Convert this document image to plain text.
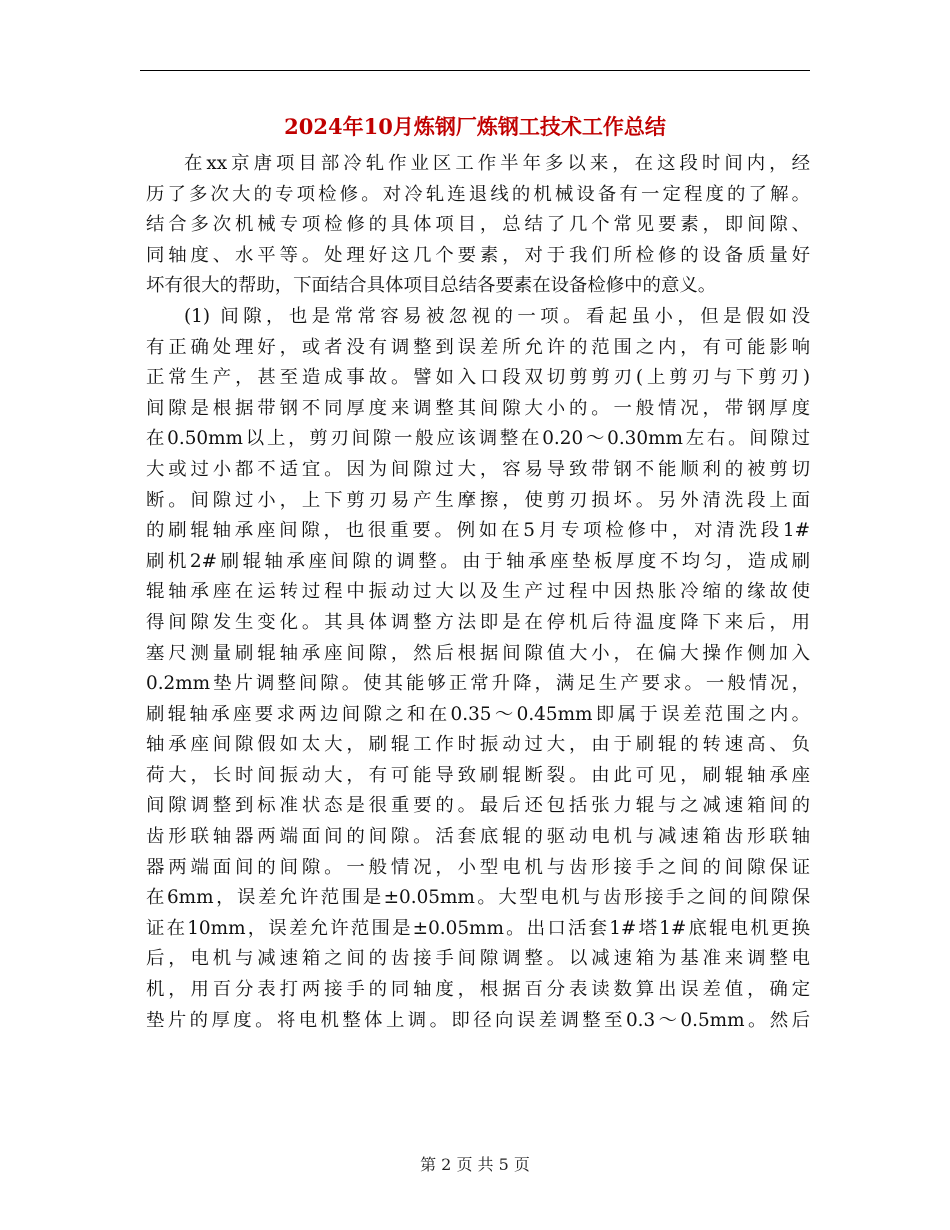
2024年10月炼钢厂炼钢工技术工作总结
在xx京唐项目部冷轧作业区工作半年多以来，在这段时间内，经
历了多次大的专项检修。对冷轧连退线的机械设备有一定程度的了解。
结合多次机械专项检修的具体项目，总结了几个常见要素，即间隙、
同轴度、水平等。处理好这几个要素，对于我们所检修的设备质量好
坏有很大的帮助，下面结合具体项目总结各要素在设备检修中的意义。
(1) 间隙，也是常常容易被忽视的一项。看起虽小，但是假如没
有正确处理好，或者没有调整到误差所允许的范围之内，有可能影响
正常生产，甚至造成事故。譬如入口段双切剪剪刃(上剪刃与下剪刃)
间隙是根据带钢不同厚度来调整其间隙大小的。一般情况，带钢厚度
在0.50mm以上，剪刃间隙一般应该调整在0.20～0.30mm左右。间隙过
大或过小都不适宜。因为间隙过大，容易导致带钢不能顺利的被剪切
断。间隙过小，上下剪刃易产生摩擦，使剪刃损坏。另外清洗段上面
的刷辊轴承座间隙，也很重要。例如在5月专项检修中，对清洗段1#
刷机2#刷辊轴承座间隙的调整。由于轴承座垫板厚度不均匀，造成刷
辊轴承座在运转过程中振动过大以及生产过程中因热胀冷缩的缘故使
得间隙发生变化。其具体调整方法即是在停机后待温度降下来后，用
塞尺测量刷辊轴承座间隙，然后根据间隙值大小，在偏大操作侧加入
0.2mm垫片调整间隙。使其能够正常升降，满足生产要求。一般情况，
刷辊轴承座要求两边间隙之和在0.35～0.45mm即属于误差范围之内。
轴承座间隙假如太大，刷辊工作时振动过大，由于刷辊的转速高、负
荷大，长时间振动大，有可能导致刷辊断裂。由此可见，刷辊轴承座
间隙调整到标准状态是很重要的。最后还包括张力辊与之减速箱间的
齿形联轴器两端面间的间隙。活套底辊的驱动电机与减速箱齿形联轴
器两端面间的间隙。一般情况，小型电机与齿形接手之间的间隙保证
在6mm，误差允许范围是±0.05mm。大型电机与齿形接手之间的间隙保
证在10mm，误差允许范围是±0.05mm。出口活套1#塔1#底辊电机更换
后，电机与减速箱之间的齿接手间隙调整。以减速箱为基准来调整电
机，用百分表打两接手的同轴度，根据百分表读数算出误差值，确定
垫片的厚度。将电机整体上调。即径向误差调整至0.3～0.5mm。然后
第 2 页 共 5 页
